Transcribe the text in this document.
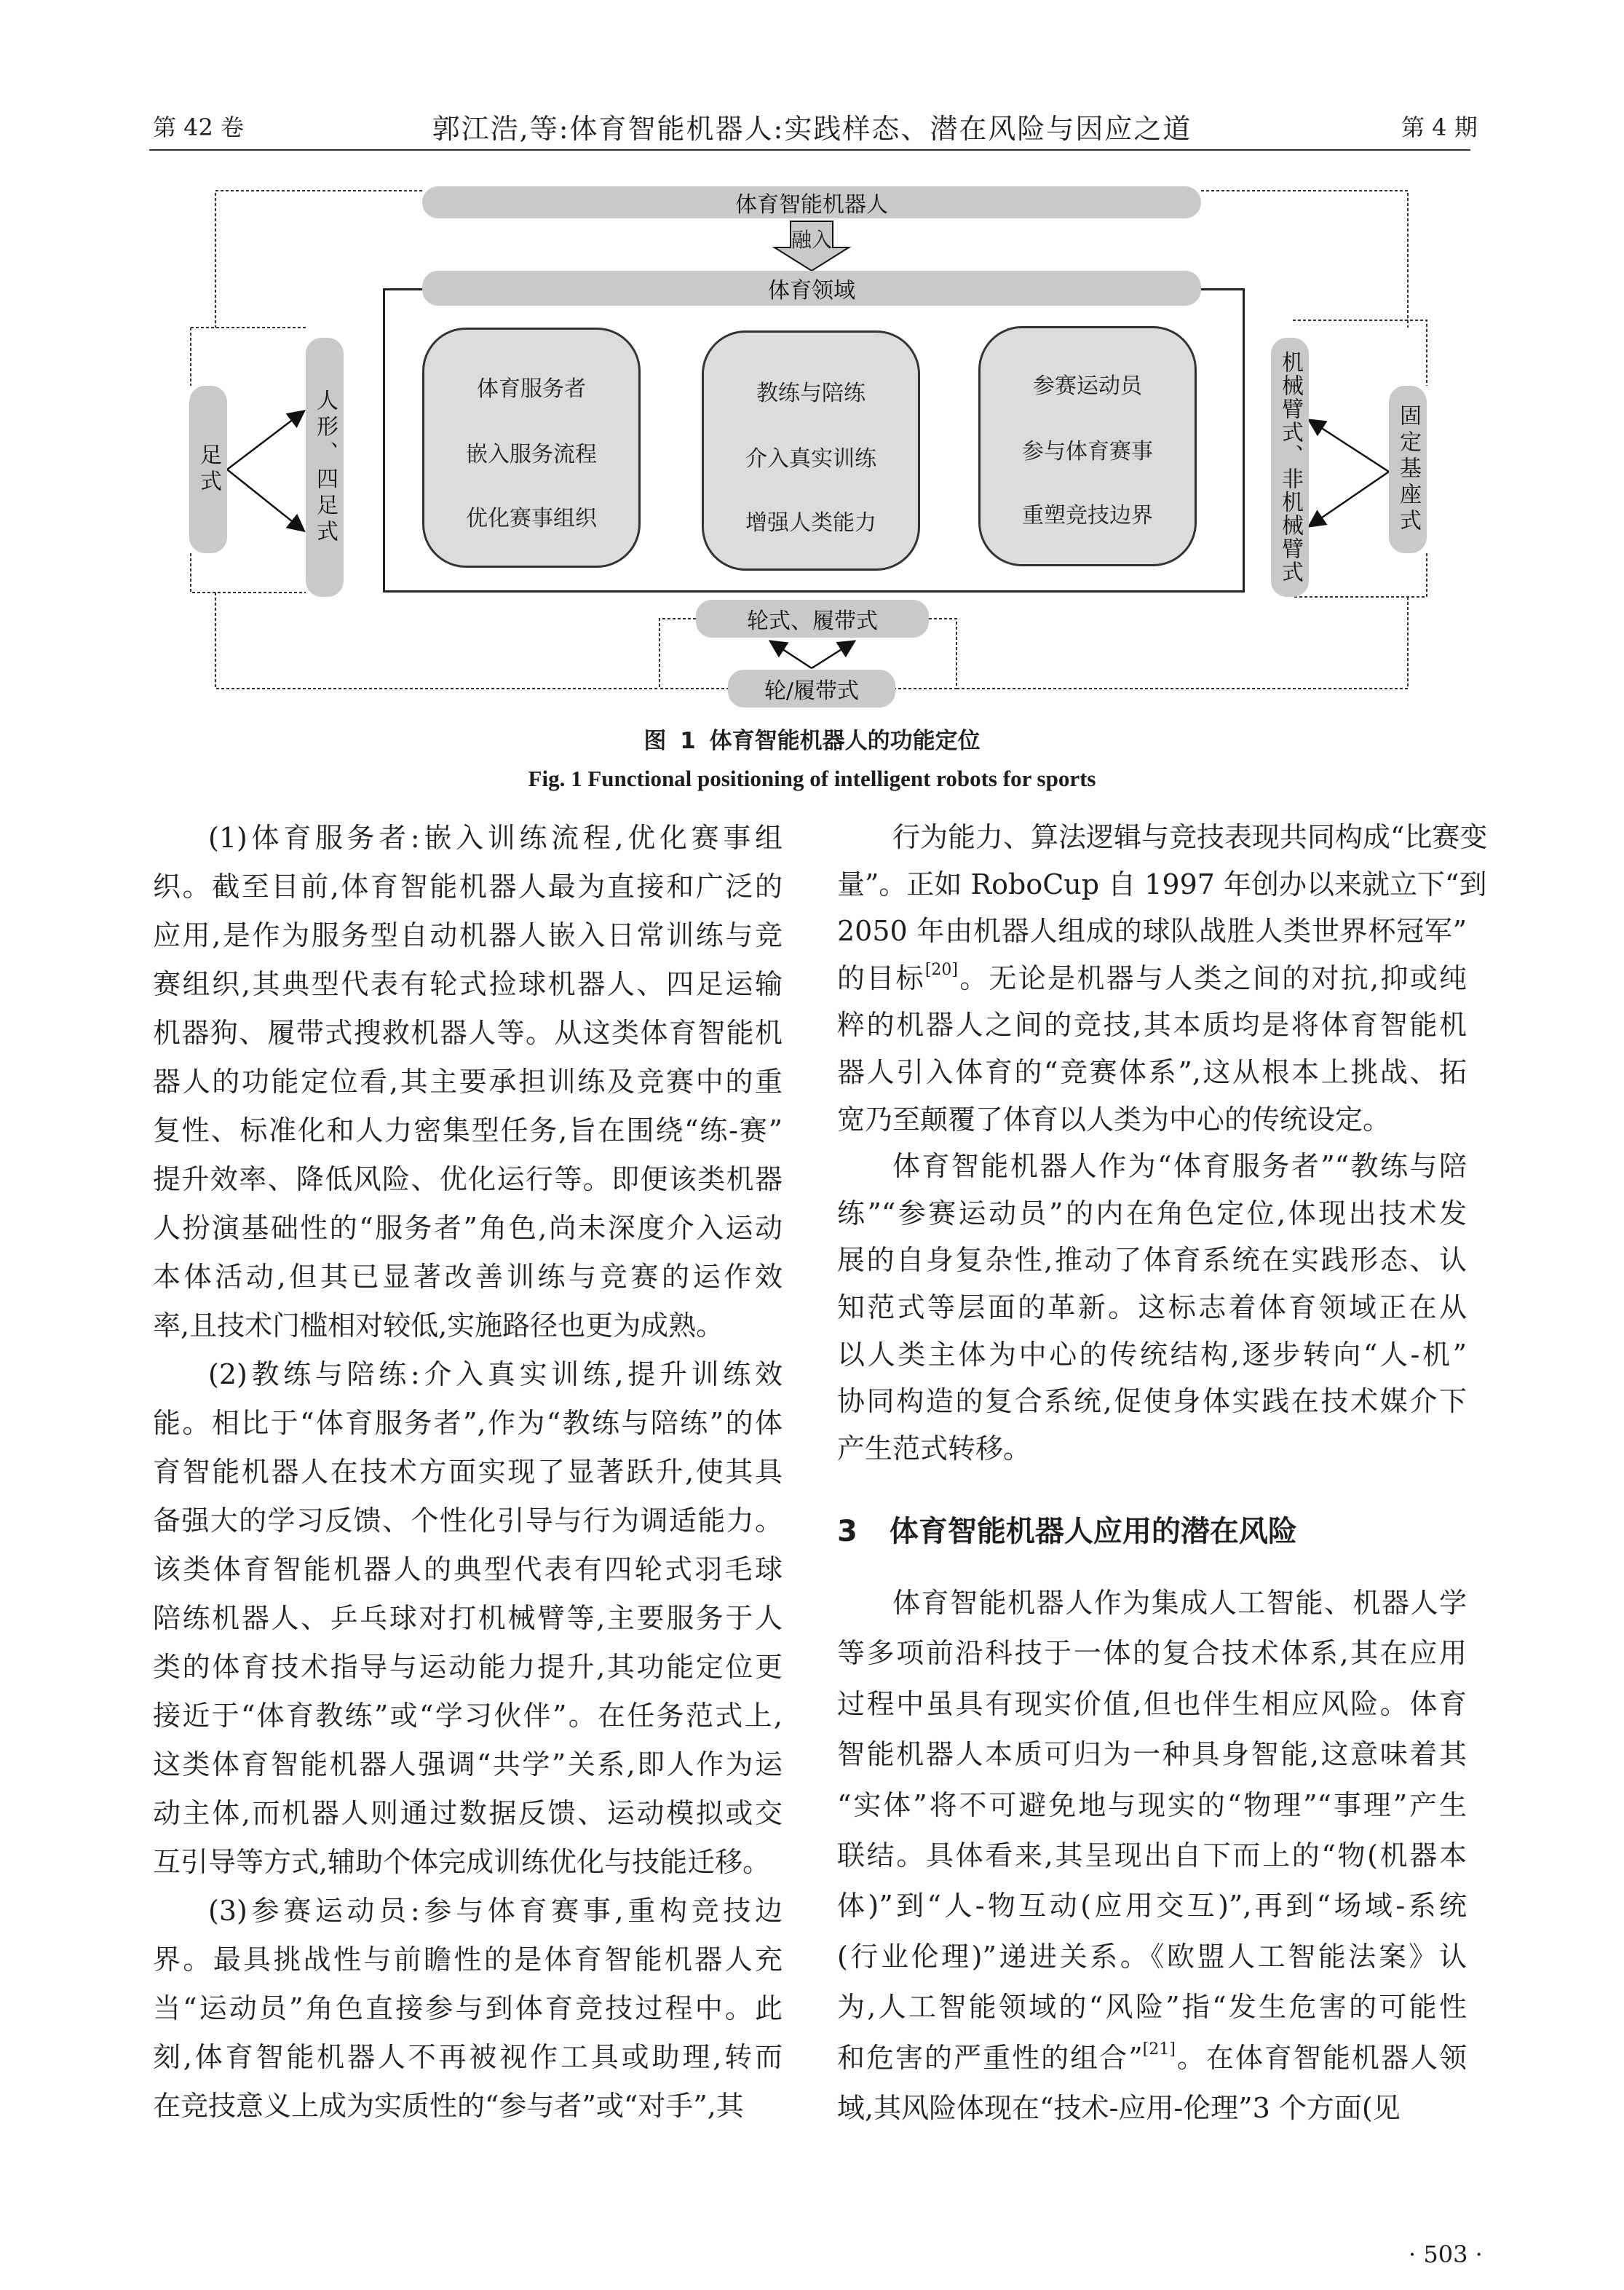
第 42 卷	郭江浩,等:体育智能机器人:实践样态、潜在风险与因应之道	第 4 期
体育智能机器人
融入
体育领域
体育服务者
嵌入服务流程
优化赛事组织
教练与陪练
介入真实训练
增强人类能力
参赛运动员
参与体育赛事
重塑竞技边界
足式	人形、四足式	机械臂式、非机械臂式	固定基座式
轮式、履带式
轮/履带式
图 1 体育智能机器人的功能定位
Fig. 1 Functional positioning of intelligent robots for sports
(1)体育服务者:嵌入训练流程,优化赛事组
织。截至目前,体育智能机器人最为直接和广泛的
应用,是作为服务型自动机器人嵌入日常训练与竞
赛组织,其典型代表有轮式捡球机器人、四足运输
机器狗、履带式搜救机器人等。从这类体育智能机
器人的功能定位看,其主要承担训练及竞赛中的重
复性、标准化和人力密集型任务,旨在围绕“练-赛”
提升效率、降低风险、优化运行等。即便该类机器
人扮演基础性的“服务者”角色,尚未深度介入运动
本体活动,但其已显著改善训练与竞赛的运作效
率,且技术门槛相对较低,实施路径也更为成熟。
(2)教练与陪练:介入真实训练,提升训练效
能。相比于“体育服务者”,作为“教练与陪练”的体
育智能机器人在技术方面实现了显著跃升,使其具
备强大的学习反馈、个性化引导与行为调适能力。
该类体育智能机器人的典型代表有四轮式羽毛球
陪练机器人、乒乓球对打机械臂等,主要服务于人
类的体育技术指导与运动能力提升,其功能定位更
接近于“体育教练”或“学习伙伴”。在任务范式上,
这类体育智能机器人强调“共学”关系,即人作为运
动主体,而机器人则通过数据反馈、运动模拟或交
互引导等方式,辅助个体完成训练优化与技能迁移。
(3)参赛运动员:参与体育赛事,重构竞技边
界。最具挑战性与前瞻性的是体育智能机器人充
当“运动员”角色直接参与到体育竞技过程中。此
刻,体育智能机器人不再被视作工具或助理,转而
在竞技意义上成为实质性的“参与者”或“对手”,其
行为能力、算法逻辑与竞技表现共同构成“比赛变
量”。正如 RoboCup 自 1997 年创办以来就立下“到
2050 年由机器人组成的球队战胜人类世界杯冠军”
的目标[20]。无论是机器与人类之间的对抗,抑或纯
粹的机器人之间的竞技,其本质均是将体育智能机
器人引入体育的“竞赛体系”,这从根本上挑战、拓
宽乃至颠覆了体育以人类为中心的传统设定。
体育智能机器人作为“体育服务者”“教练与陪
练”“参赛运动员”的内在角色定位,体现出技术发
展的自身复杂性,推动了体育系统在实践形态、认
知范式等层面的革新。这标志着体育领域正在从
以人类主体为中心的传统结构,逐步转向“人-机”
协同构造的复合系统,促使身体实践在技术媒介下
产生范式转移。
3 体育智能机器人应用的潜在风险
体育智能机器人作为集成人工智能、机器人学
等多项前沿科技于一体的复合技术体系,其在应用
过程中虽具有现实价值,但也伴生相应风险。体育
智能机器人本质可归为一种具身智能,这意味着其
“实体”将不可避免地与现实的“物理”“事理”产生
联结。具体看来,其呈现出自下而上的“物(机器本
体)”到“人-物互动(应用交互)”,再到“场域-系统
(行业伦理)”递进关系。《欧盟人工智能法案》认
为,人工智能领域的“风险”指“发生危害的可能性
和危害的严重性的组合”[21]。在体育智能机器人领
域,其风险体现在“技术-应用-伦理”3 个方面(见
· 503 ·
